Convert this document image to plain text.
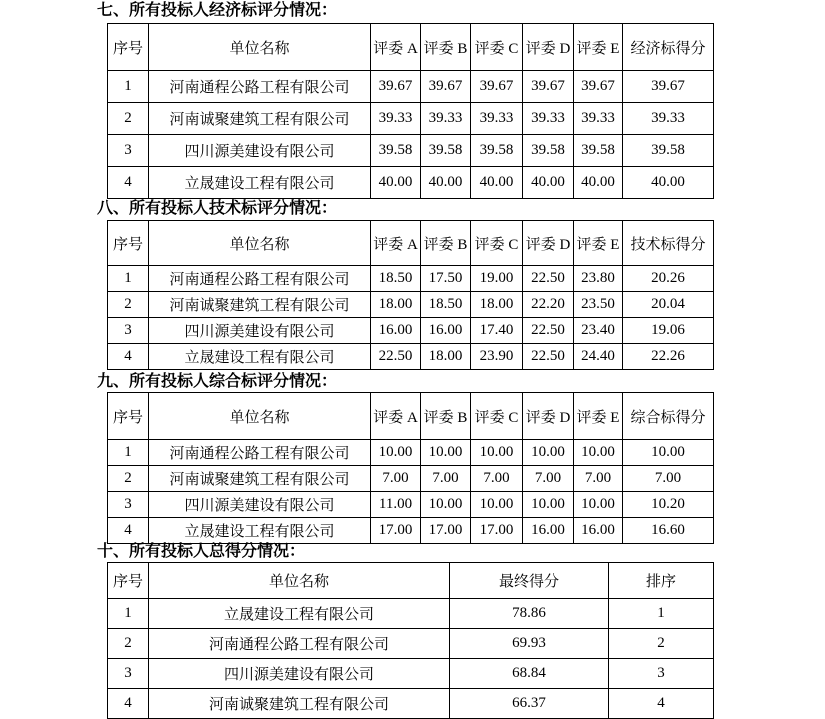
七、所有投标人经济标评分情况：
序号	单位名称	评委 A	评委 B	评委 C	评委 D	评委 E	经济标得分
1	河南通程公路工程有限公司	39.67	39.67	39.67	39.67	39.67	39.67
2	河南诚聚建筑工程有限公司	39.33	39.33	39.33	39.33	39.33	39.33
3	四川源美建设有限公司	39.58	39.58	39.58	39.58	39.58	39.58
4	立晟建设工程有限公司	40.00	40.00	40.00	40.00	40.00	40.00
八、所有投标人技术标评分情况：
序号	单位名称	评委 A	评委 B	评委 C	评委 D	评委 E	技术标得分
1	河南通程公路工程有限公司	18.50	17.50	19.00	22.50	23.80	20.26
2	河南诚聚建筑工程有限公司	18.00	18.50	18.00	22.20	23.50	20.04
3	四川源美建设有限公司	16.00	16.00	17.40	22.50	23.40	19.06
4	立晟建设工程有限公司	22.50	18.00	23.90	22.50	24.40	22.26
九、所有投标人综合标评分情况：
序号	单位名称	评委 A	评委 B	评委 C	评委 D	评委 E	综合标得分
1	河南通程公路工程有限公司	10.00	10.00	10.00	10.00	10.00	10.00
2	河南诚聚建筑工程有限公司	7.00	7.00	7.00	7.00	7.00	7.00
3	四川源美建设有限公司	11.00	10.00	10.00	10.00	10.00	10.20
4	立晟建设工程有限公司	17.00	17.00	17.00	16.00	16.00	16.60
十、所有投标人总得分情况：
序号	单位名称	最终得分	排序
1	立晟建设工程有限公司	78.86	1
2	河南通程公路工程有限公司	69.93	2
3	四川源美建设有限公司	68.84	3
4	河南诚聚建筑工程有限公司	66.37	4
